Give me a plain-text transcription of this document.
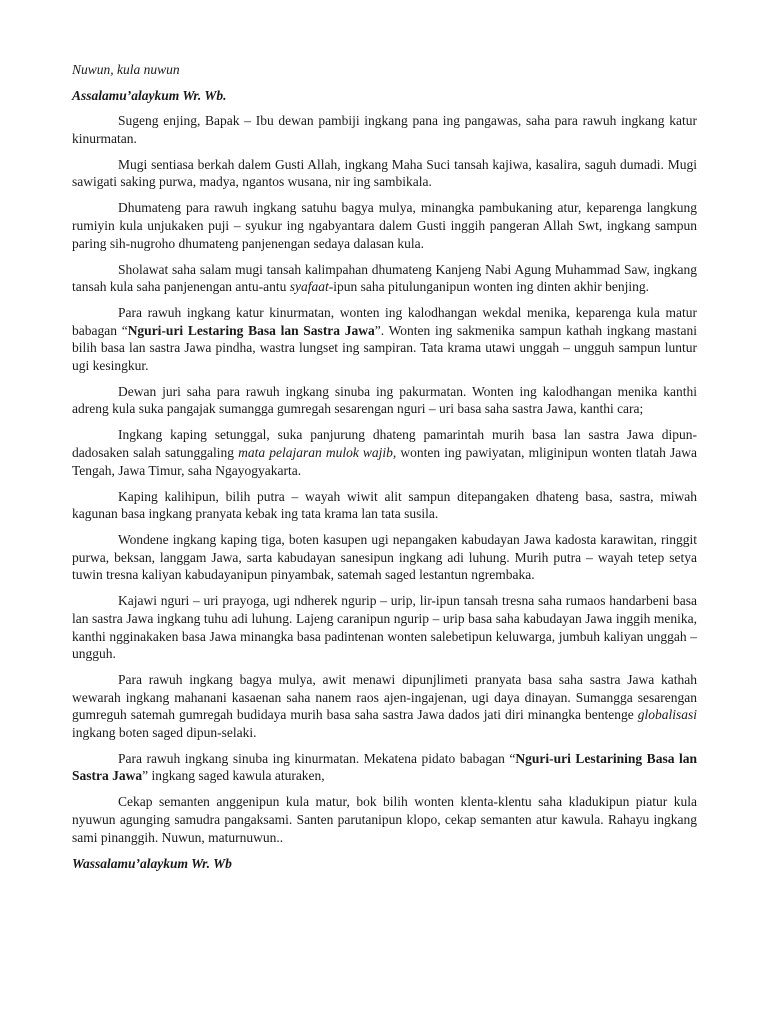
Nuwun, kula nuwun

Assalamu’alaykum Wr. Wb.

Sugeng enjing, Bapak – Ibu dewan pambiji ingkang pana ing pangawas, saha para rawuh ingkang katur kinurmatan.

Mugi sentiasa berkah dalem Gusti Allah, ingkang Maha Suci tansah kajiwa, kasalira, saguh dumadi. Mugi sawigati saking purwa, madya, ngantos wusana, nir ing sambikala.

Dhumateng para rawuh ingkang satuhu bagya mulya, minangka pambukaning atur, keparenga langkung rumiyin kula unjukaken puji – syukur ing ngabyantara dalem Gusti inggih pangeran Allah Swt, ingkang sampun paring sih-nugroho dhumateng panjenengan sedaya dalasan kula.

Sholawat saha salam mugi tansah kalimpahan dhumateng Kanjeng Nabi Agung Muhammad Saw, ingkang tansah kula saha panjenengan antu-antu syafaat-ipun saha pitulunganipun wonten ing dinten akhir benjing.

Para rawuh ingkang katur kinurmatan, wonten ing kalodhangan wekdal menika, keparenga kula matur babagan “Nguri-uri Lestaring Basa lan Sastra Jawa”. Wonten ing sakmenika sampun kathah ingkang mastani bilih basa lan sastra Jawa pindha, wastra lungset ing sampiran. Tata krama utawi unggah – ungguh sampun luntur ugi kesingkur.

Dewan juri saha para rawuh ingkang sinuba ing pakurmatan. Wonten ing kalodhangan menika kanthi adreng kula suka pangajak sumangga gumregah sesarengan nguri – uri basa saha sastra Jawa, kanthi cara;

Ingkang kaping setunggal, suka panjurung dhateng pamarintah murih basa lan sastra Jawa dipun-dadosaken salah satunggaling mata pelajaran mulok wajib, wonten ing pawiyatan, mliginipun wonten tlatah Jawa Tengah, Jawa Timur, saha Ngayogyakarta.

Kaping kalihipun, bilih putra – wayah wiwit alit sampun ditepangaken dhateng basa, sastra, miwah kagunan basa ingkang pranyata kebak ing tata krama lan tata susila.

Wondene ingkang kaping tiga, boten kasupen ugi nepangaken kabudayan Jawa kadosta karawitan, ringgit purwa, beksan, langgam Jawa, sarta kabudayan sanesipun ingkang adi luhung. Murih putra – wayah tetep setya tuwin tresna kaliyan kabudayanipun pinyambak, satemah saged lestantun ngrembaka.

Kajawi nguri – uri prayoga, ugi ndherek ngurip – urip, lir-ipun tansah tresna saha rumaos handarbeni basa lan sastra Jawa ingkang tuhu adi luhung. Lajeng caranipun ngurip – urip basa saha kabudayan Jawa inggih menika, kanthi ngginakaken basa Jawa minangka basa padintenan wonten salebetipun keluwarga, jumbuh kaliyan unggah – ungguh.

Para rawuh ingkang bagya mulya, awit menawi dipunjlimeti pranyata basa saha sastra Jawa kathah wewarah ingkang mahanani kasaenan saha nanem raos ajen-ingajenan, ugi daya dinayan. Sumangga sesarengan gumreguh satemah gumregah budidaya murih basa saha sastra Jawa dados jati diri minangka bentenge globalisasi ingkang boten saged dipun-selaki.

Para rawuh ingkang sinuba ing kinurmatan. Mekatena pidato babagan “Nguri-uri Lestarining Basa lan Sastra Jawa” ingkang saged kawula aturaken,

Cekap semanten anggenipun kula matur, bok bilih wonten klenta-klentu saha kladukipun piatur kula nyuwun agunging samudra pangaksami. Santen parutanipun klopo, cekap semanten atur kawula. Rahayu ingkang sami pinanggih. Nuwun, maturnuwun..

Wassalamu’alaykum Wr. Wb
